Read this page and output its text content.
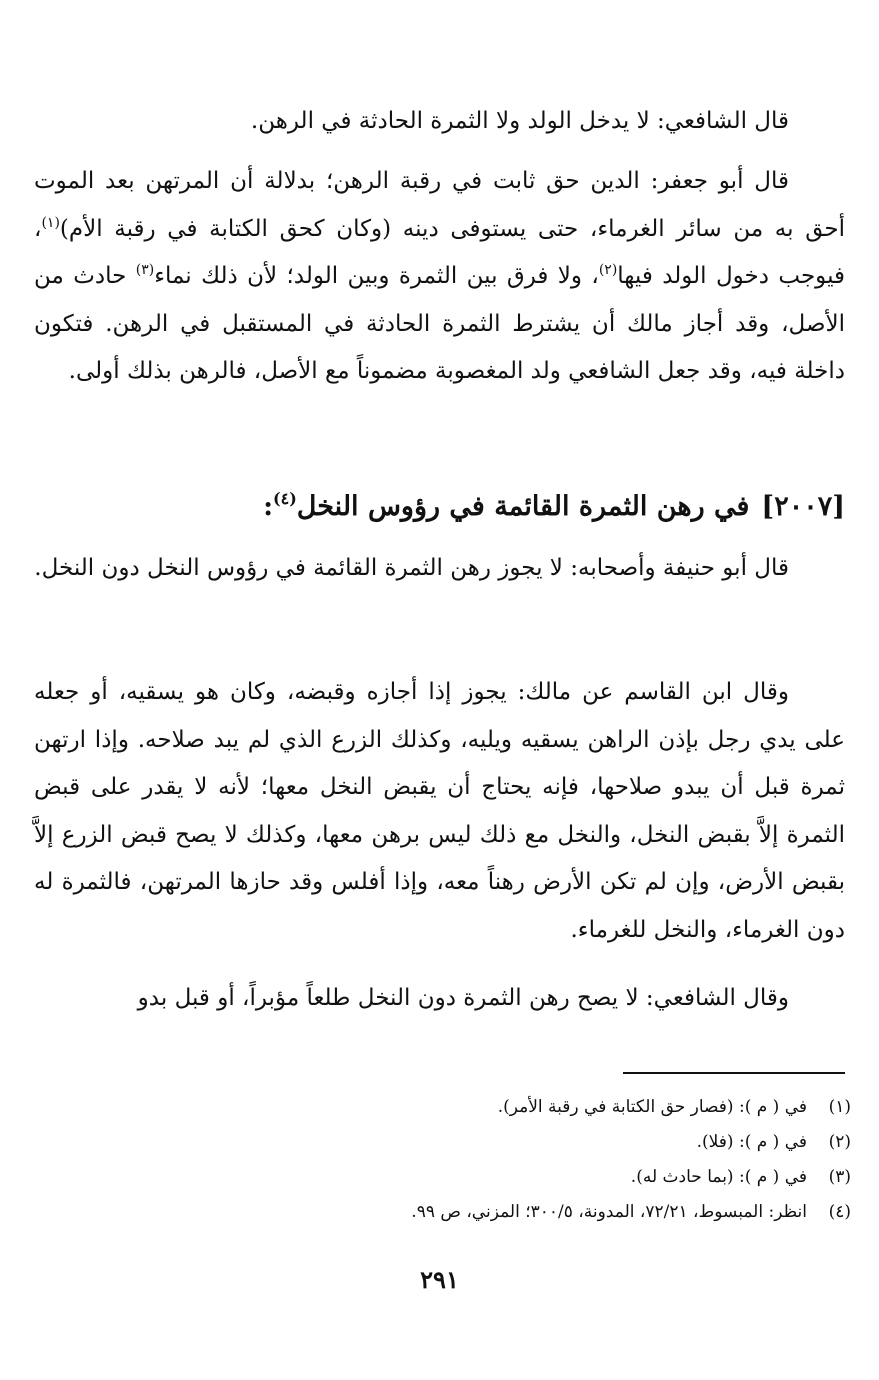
قال الشافعي: لا يدخل الولد ولا الثمرة الحادثة في الرهن.

قال أبو جعفر: الدين حق ثابت في رقبة الرهن؛ بدلالة أن المرتهن بعد الموت أحق به من سائر الغرماء، حتى يستوفى دينه (وكان كحق الكتابة في رقبة الأم)$^{(١)}$، فيوجب دخول الولد فيها$^{(٢)}$، ولا فرق بين الثمرة وبين الولد؛ لأن ذلك نماء$^{(٣)}$ حادث من الأصل، وقد أجاز مالك أن يشترط الثمرة الحادثة في المستقبل في الرهن. فتكون داخلة فيه، وقد جعل الشافعي ولد المغصوبة مضموناً مع الأصل، فالرهن بذلك أولى.

[٢٠٠٧]في رهن الثمرة القائمة في رؤوس النخل$^{(٤)}$:

قال أبو حنيفة وأصحابه: لا يجوز رهن الثمرة القائمة في رؤوس النخل دون النخل.

وقال ابن القاسم عن مالك: يجوز إذا أجازه وقبضه، وكان هو يسقيه، أو جعله على يدي رجل بإذن الراهن يسقيه ويليه، وكذلك الزرع الذي لم يبد صلاحه. وإذا ارتهن ثمرة قبل أن يبدو صلاحها، فإنه يحتاج أن يقبض النخل معها؛ لأنه لا يقدر على قبض الثمرة إلاَّ بقبض النخل، والنخل مع ذلك ليس برهن معها، وكذلك لا يصح قبض الزرع إلاَّ بقبض الأرض، وإن لم تكن الأرض رهناً معه، وإذا أفلس وقد حازها المرتهن، فالثمرة له دون الغرماء، والنخل للغرماء.

وقال الشافعي: لا يصح رهن الثمرة دون النخل طلعاً مؤبراً، أو قبل بدو

(١)في ( م ): (فصار حق الكتابة في رقبة الأمر).
(٢)في ( م ): (فلا).
(٣)في ( م ): (بما حادث له).
(٤)انظر: المبسوط، ٧٢/٢١، المدونة، ٣٠٠/٥؛ المزني، ص ٩٩.
٢٩١
